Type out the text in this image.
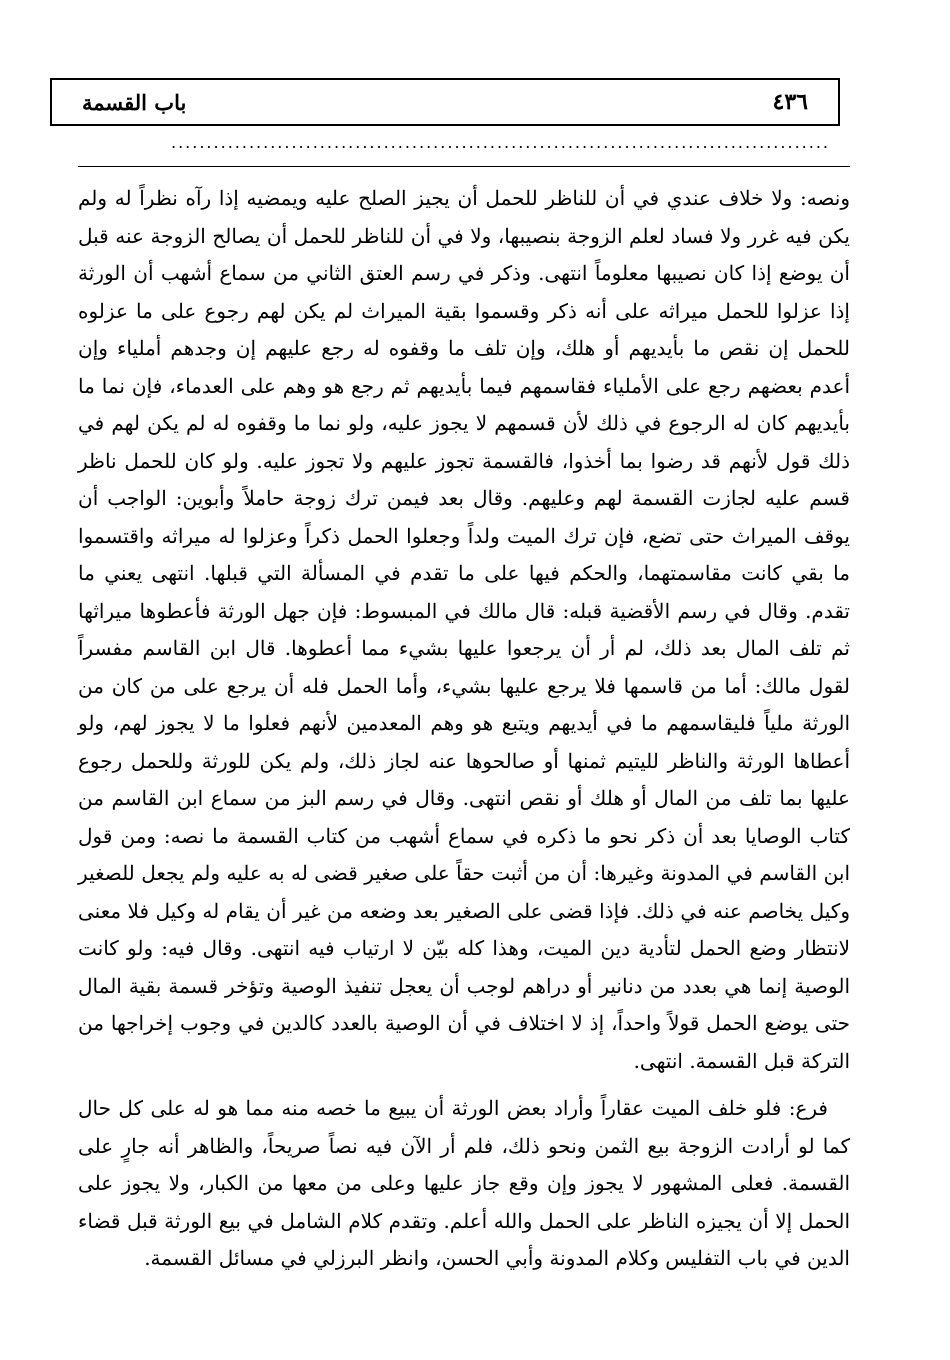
٤٣٦
باب القسمة
.............................................................................................

ونصه: ولا خلاف عندي في أن للناظر للحمل أن يجيز الصلح عليه ويمضيه إذا رآه نظراً له ولم يكن فيه غرر ولا فساد لعلم الزوجة بنصيبها، ولا في أن للناظر للحمل أن يصالح الزوجة عنه قبل أن يوضع إذا كان نصيبها معلوماً انتهى. وذكر في رسم العتق الثاني من سماع أشهب أن الورثة إذا عزلوا للحمل ميراثه على أنه ذكر وقسموا بقية الميراث لم يكن لهم رجوع على ما عزلوه للحمل إن نقص ما بأيديهم أو هلك، وإن تلف ما وقفوه له رجع عليهم إن وجدهم أملياء وإن أعدم بعضهم رجع على الأملياء فقاسمهم فيما بأيديهم ثم رجع هو وهم على العدماء، فإن نما ما بأيديهم كان له الرجوع في ذلك لأن قسمهم لا يجوز عليه، ولو نما ما وقفوه له لم يكن لهم في ذلك قول لأنهم قد رضوا بما أخذوا، فالقسمة تجوز عليهم ولا تجوز عليه. ولو كان للحمل ناظر قسم عليه لجازت القسمة لهم وعليهم. وقال بعد فيمن ترك زوجة حاملاً وأبوين: الواجب أن يوقف الميراث حتى تضع، فإن ترك الميت ولداً وجعلوا الحمل ذكراً وعزلوا له ميراثه واقتسموا ما بقي كانت مقاسمتهما، والحكم فيها على ما تقدم في المسألة التي قبلها. انتهى يعني ما تقدم. وقال في رسم الأقضية قبله: قال مالك في المبسوط: فإن جهل الورثة فأعطوها ميراثها ثم تلف المال بعد ذلك، لم أر أن يرجعوا عليها بشيء مما أعطوها. قال ابن القاسم مفسراً لقول مالك: أما من قاسمها فلا يرجع عليها بشيء، وأما الحمل فله أن يرجع على من كان من الورثة ملياً فليقاسمهم ما في أيديهم ويتبع هو وهم المعدمين لأنهم فعلوا ما لا يجوز لهم، ولو أعطاها الورثة والناظر لليتيم ثمنها أو صالحوها عنه لجاز ذلك، ولم يكن للورثة وللحمل رجوع عليها بما تلف من المال أو هلك أو نقص انتهى. وقال في رسم البز من سماع ابن القاسم من كتاب الوصايا بعد أن ذكر نحو ما ذكره في سماع أشهب من كتاب القسمة ما نصه: ومن قول ابن القاسم في المدونة وغيرها: أن من أثبت حقاً على صغير قضى له به عليه ولم يجعل للصغير وكيل يخاصم عنه في ذلك. فإذا قضى على الصغير بعد وضعه من غير أن يقام له وكيل فلا معنى لانتظار وضع الحمل لتأدية دين الميت، وهذا كله بيّن لا ارتياب فيه انتهى. وقال فيه: ولو كانت الوصية إنما هي بعدد من دنانير أو دراهم لوجب أن يعجل تنفيذ الوصية وتؤخر قسمة بقية المال حتى يوضع الحمل قولاً واحداً، إذ لا اختلاف في أن الوصية بالعدد كالدين في وجوب إخراجها من التركة قبل القسمة. انتهى.

فرع: فلو خلف الميت عقاراً وأراد بعض الورثة أن يبيع ما خصه منه مما هو له على كل حال كما لو أرادت الزوجة بيع الثمن ونحو ذلك، فلم أر الآن فيه نصاً صريحاً، والظاهر أنه جارٍ على القسمة. فعلى المشهور لا يجوز وإن وقع جاز عليها وعلى من معها من الكبار، ولا يجوز على الحمل إلا أن يجيزه الناظر على الحمل والله أعلم. وتقدم كلام الشامل في بيع الورثة قبل قضاء الدين في باب التفليس وكلام المدونة وأبي الحسن، وانظر البرزلي في مسائل القسمة.
